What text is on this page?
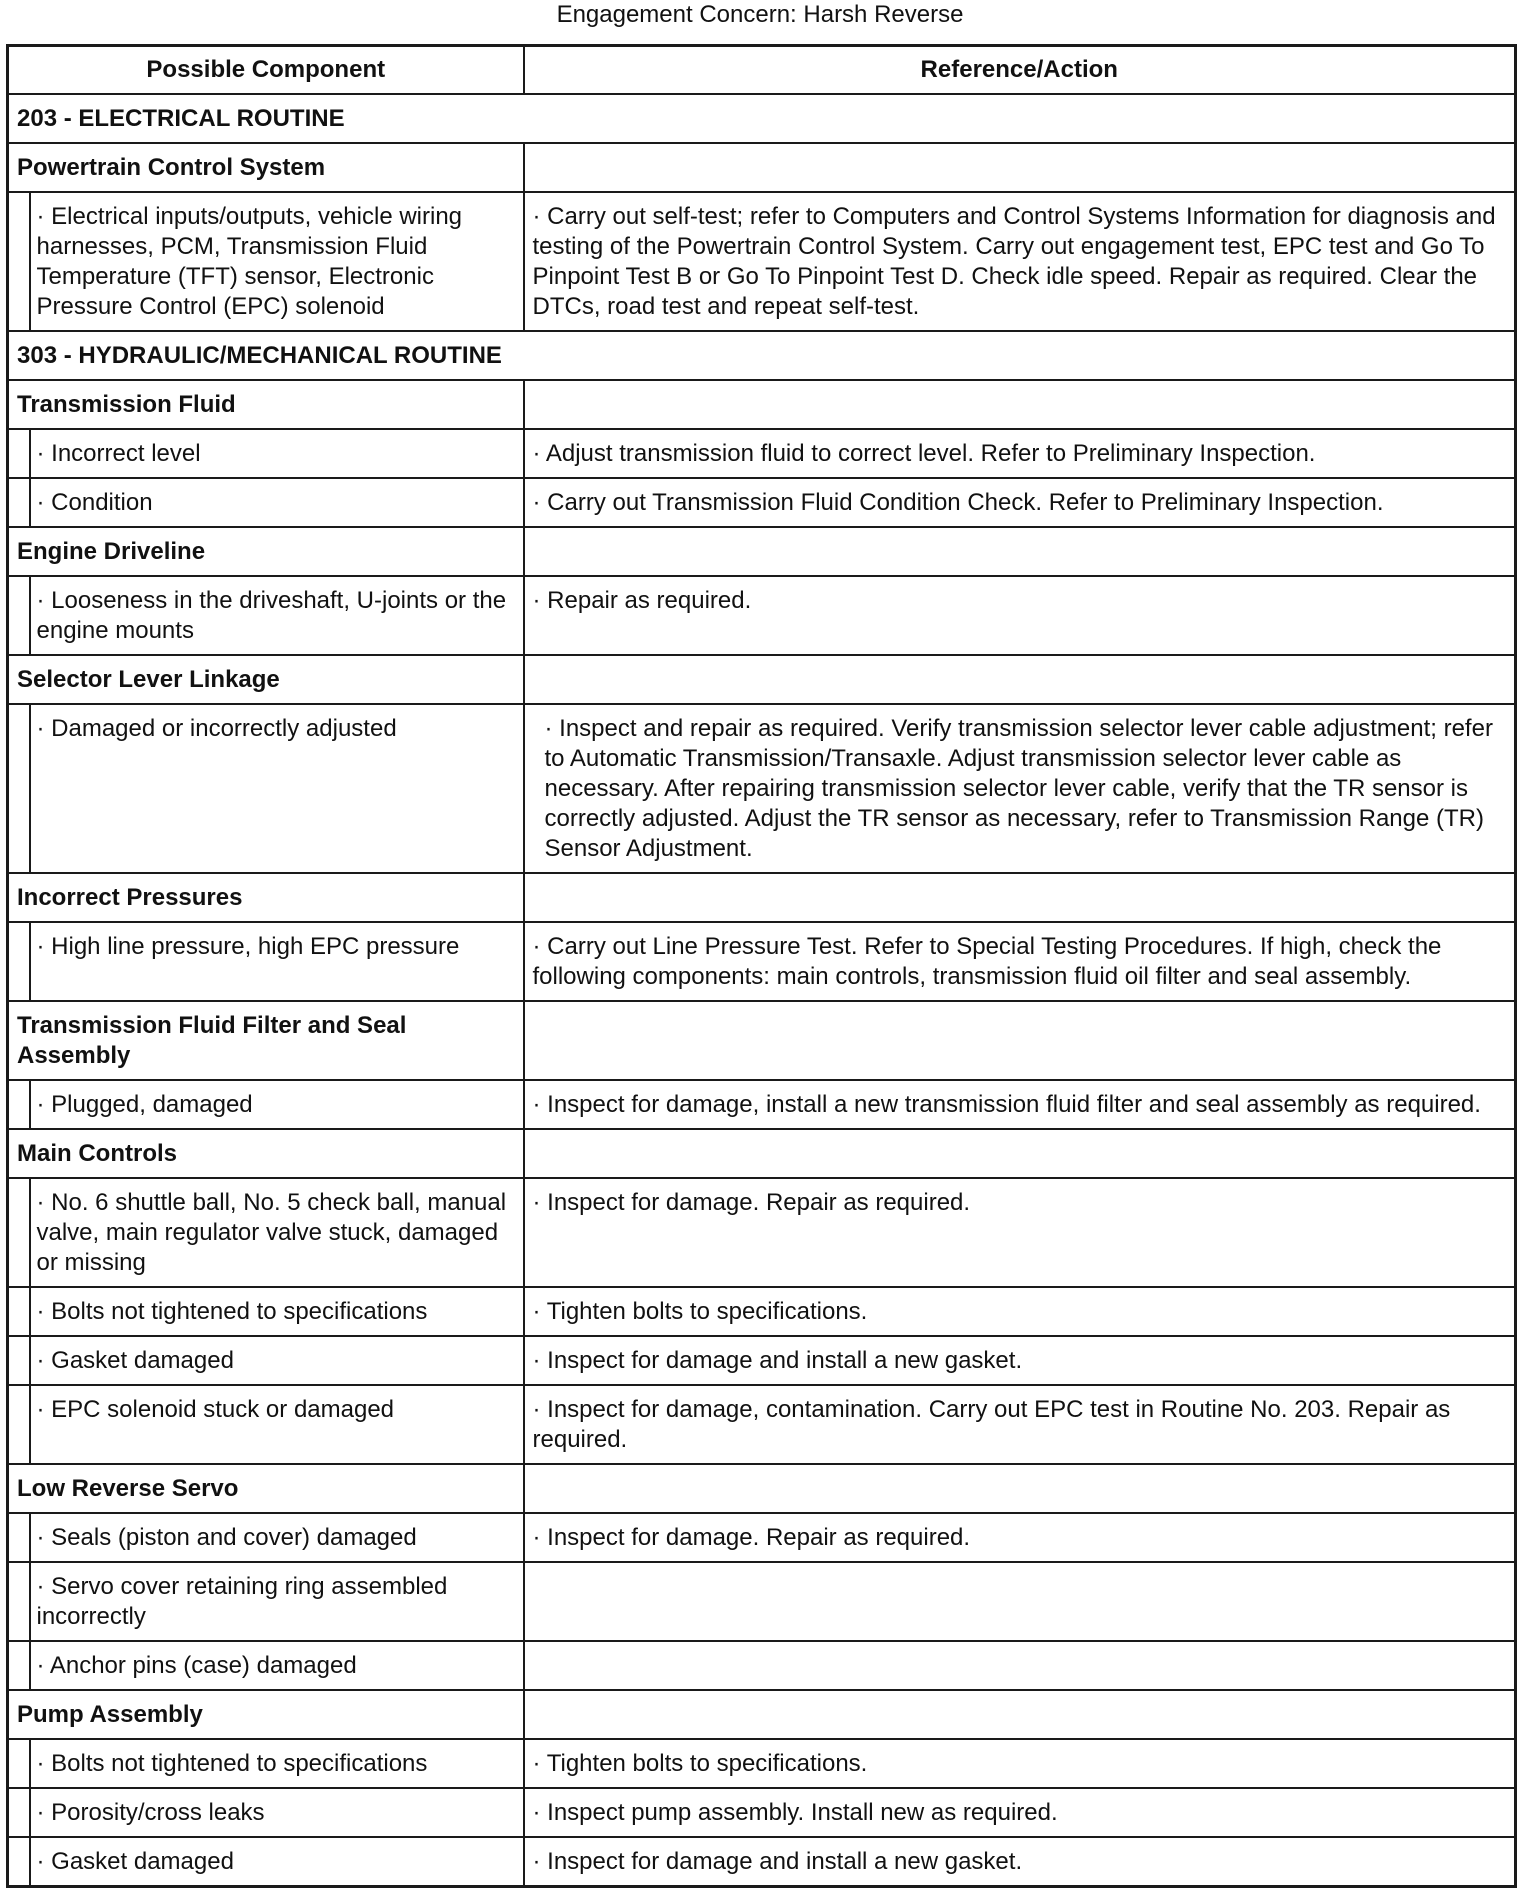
Engagement Concern: Harsh Reverse
Possible Component		Reference/Action
203 - ELECTRICAL ROUTINE		
Powertrain Control System		
	· Electrical inputs/outputs, vehicle wiring harnesses, PCM, Transmission Fluid Temperature (TFT) sensor, Electronic Pressure Control (EPC) solenoid	· Carry out self-test; refer to Computers and Control Systems Information for diagnosis and testing of the Powertrain Control System. Carry out engagement test, EPC test and Go To Pinpoint Test B or Go To Pinpoint Test D. Check idle speed. Repair as required. Clear the DTCs, road test and repeat self-test.
303 - HYDRAULIC/MECHANICAL ROUTINE		
Transmission Fluid		
	· Incorrect level	· Adjust transmission fluid to correct level. Refer to Preliminary Inspection.
	· Condition	· Carry out Transmission Fluid Condition Check. Refer to Preliminary Inspection.
Engine Driveline		
	· Looseness in the driveshaft, U-joints or the engine mounts	· Repair as required.
Selector Lever Linkage		
	· Damaged or incorrectly adjusted	· Inspect and repair as required. Verify transmission selector lever cable adjustment; refer to Automatic Transmission/Transaxle. Adjust transmission selector lever cable as necessary. After repairing transmission selector lever cable, verify that the TR sensor is correctly adjusted. Adjust the TR sensor as necessary, refer to Transmission Range (TR) Sensor Adjustment.
Incorrect Pressures		
	· High line pressure, high EPC pressure	· Carry out Line Pressure Test. Refer to Special Testing Procedures. If high, check the following components: main controls, transmission fluid oil filter and seal assembly.
Transmission Fluid Filter and Seal Assembly		
	· Plugged, damaged	· Inspect for damage, install a new transmission fluid filter and seal assembly as required.
Main Controls		
	· No. 6 shuttle ball, No. 5 check ball, manual valve, main regulator valve stuck, damaged or missing	· Inspect for damage. Repair as required.
	· Bolts not tightened to specifications	· Tighten bolts to specifications.
	· Gasket damaged	· Inspect for damage and install a new gasket.
	· EPC solenoid stuck or damaged	· Inspect for damage, contamination. Carry out EPC test in Routine No. 203. Repair as required.
Low Reverse Servo		
	· Seals (piston and cover) damaged	· Inspect for damage. Repair as required.
	· Servo cover retaining ring assembled incorrectly	
	· Anchor pins (case) damaged	
Pump Assembly		
	· Bolts not tightened to specifications	· Tighten bolts to specifications.
	· Porosity/cross leaks	· Inspect pump assembly. Install new as required.
	· Gasket damaged	· Inspect for damage and install a new gasket.
